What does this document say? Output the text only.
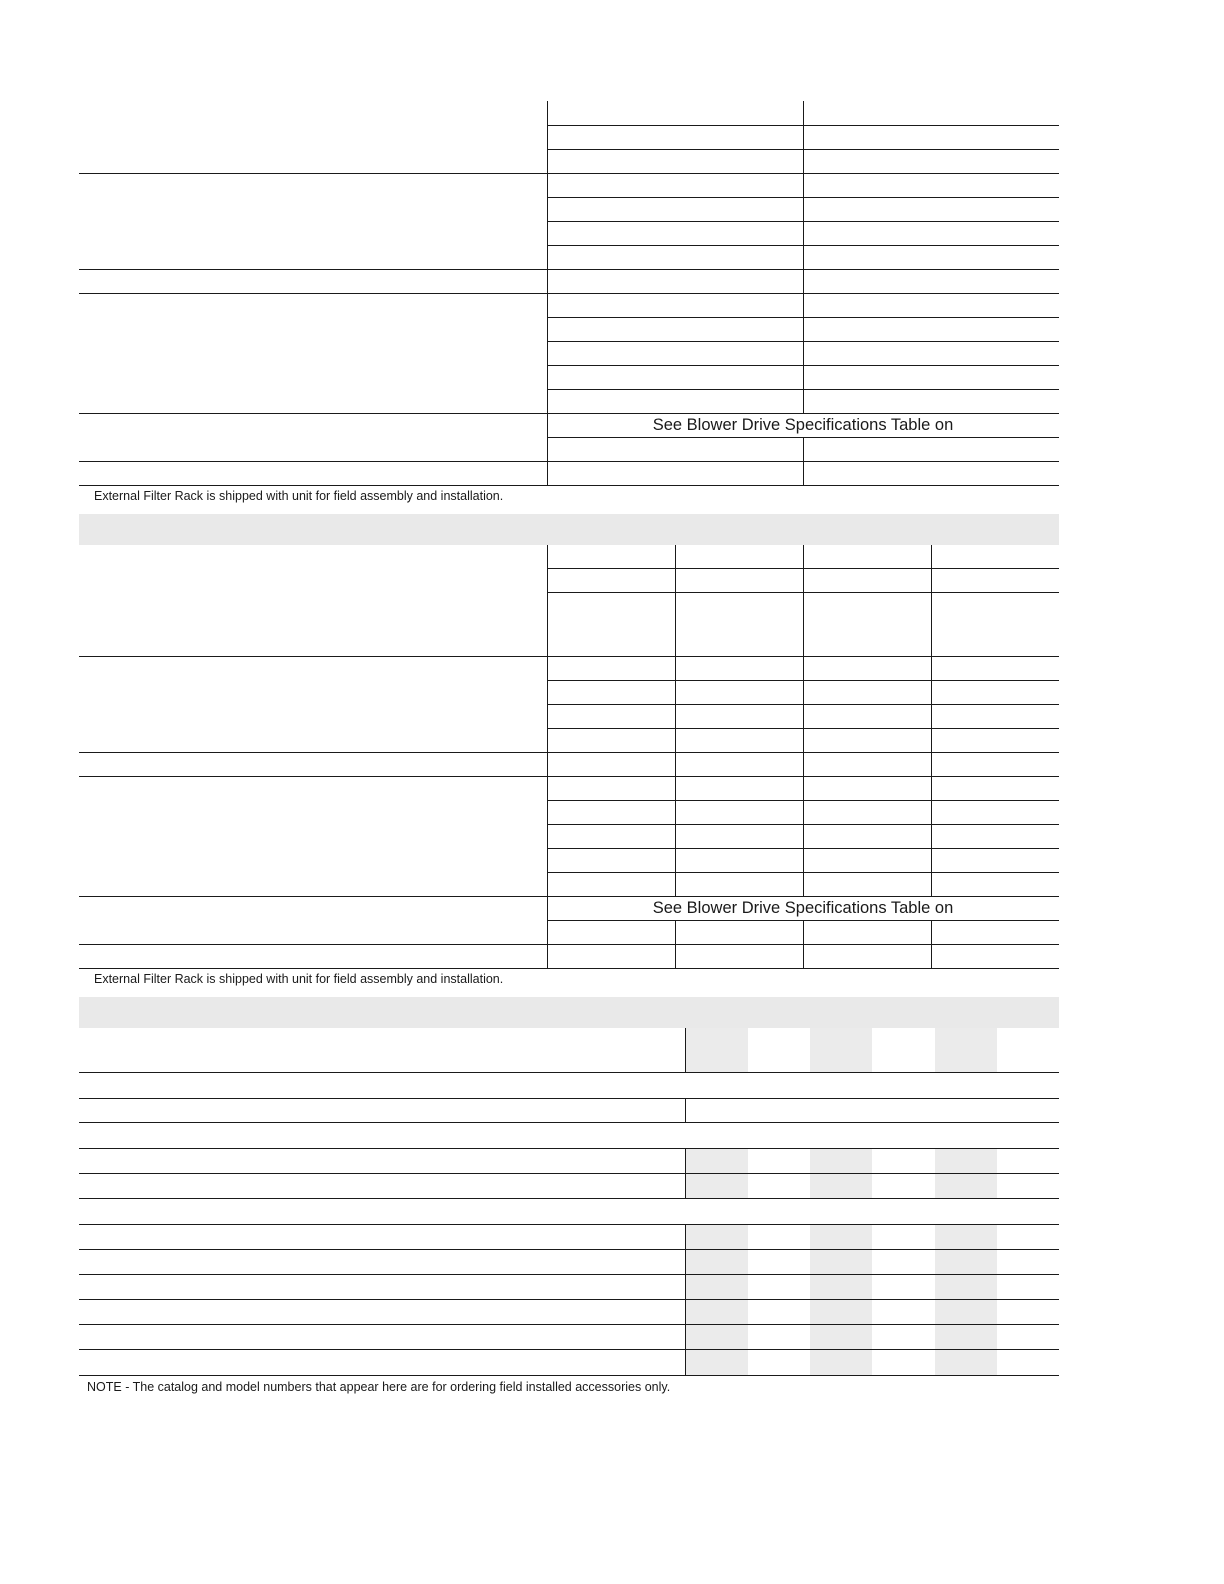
See Blower Drive Specifications Table on
External Filter Rack is shipped with unit for field assembly and installation.
See Blower Drive Specifications Table on
External Filter Rack is shipped with unit for field assembly and installation.
NOTE - The catalog and model numbers that appear here are for ordering field installed accessories only.
